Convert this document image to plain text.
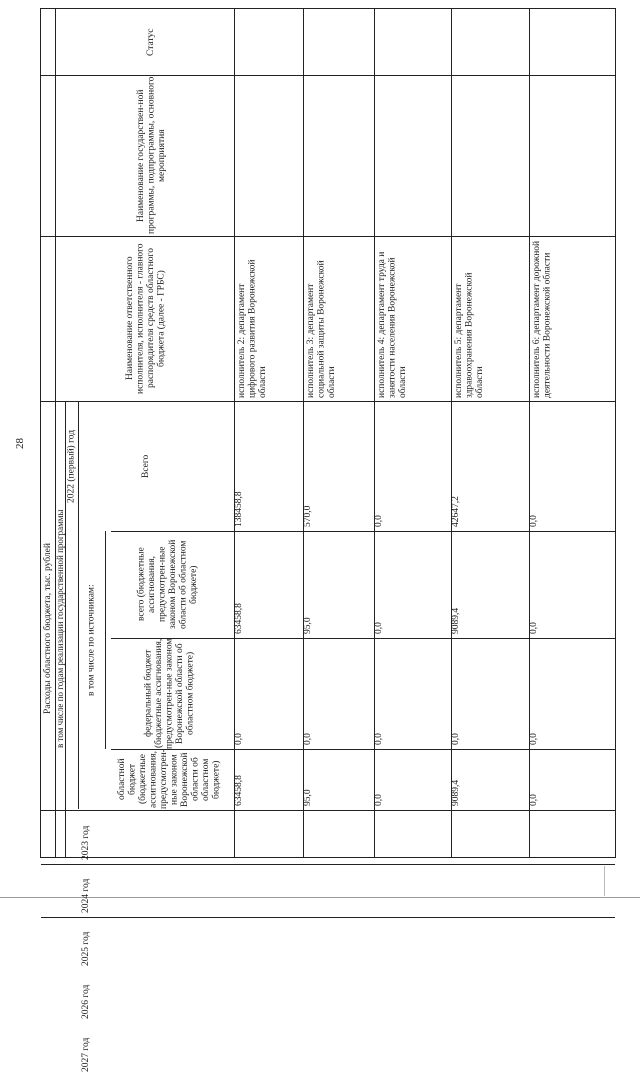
28
Расходы областного бюджета, тыс. рублей в том числе по годам реализации государственной программы
2022 (первый) год
в том числе по источникам:
Статус
Наименование государствен-ной программы, подпрограммы, основного мероприятия
Наименование ответственного исполнителя, исполнителя - главного распорядителя средств областного бюджета (далее - ГРБС)
Всего
всего (бюджетные ассигнования, предусмотрен-ные законом Воронежской области об областном бюджете)
федеральный бюджет (бюджетные ассигнования, предусмотрен-ные законом Воронежской области об областном бюджете)
областной бюджет (бюджетные ассигнования, предусмотрен-ные законом Воронежской области об областном бюджете)
2023 год
2024 год
2025 год
2026 год
2027 год
исполнитель 2: департамент цифрового развития Воронежской области
138458,8
63458,8
0,0
63458,8
исполнитель 3: департамент социальной защиты Воронежской области
570,0
95,0
0,0
95,0
исполнитель 4: департамент труда и занятости населения Воронежской области
0,0
0,0
0,0
0,0
исполнитель 5: департамент здравоохранения Воронежской области
42647,2
9089,4
0,0
9089,4
исполнитель 6: департамент дорожной деятельности Воронежской области
0,0
0,0
0,0
0,0
